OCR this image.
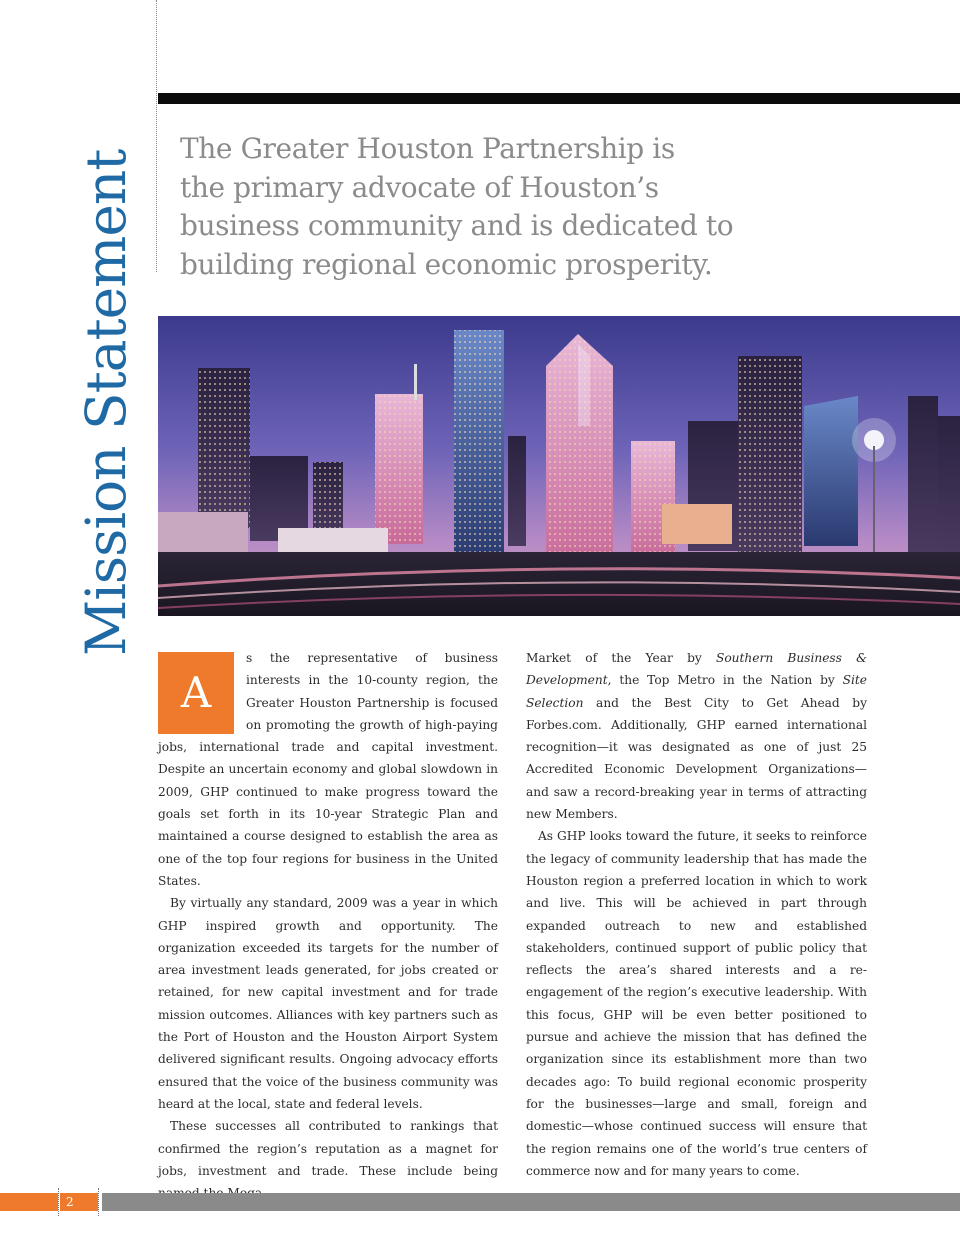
Mission Statement
The Greater Houston Partnership is
the primary advocate of Houston’s
business community and is dedicated to
building regional economic prosperity.
A

s the representative of business interests in the 10-county region, the Greater Houston Partnership is focused on promoting the growth of high-paying jobs, international trade and capital investment. Despite an uncertain economy and global slowdown in 2009, GHP continued to make progress toward the goals set forth in its 10-year Strategic Plan and maintained a course designed to establish the area as one of the top four regions for business in the United States.

By virtually any standard, 2009 was a year in which GHP inspired growth and opportunity. The organization exceeded its targets for the number of area investment leads generated, for jobs created or retained, for new capital investment and for trade mission outcomes. Alliances with key partners such as the Port of Houston and the Houston Airport System delivered significant results. Ongoing advocacy efforts ensured that the voice of the business community was heard at the local, state and federal levels.

These successes all contributed to rankings that confirmed the region’s reputation as a magnet for jobs, investment and trade. These include being

Market of the Year by Southern Business & Development, the Top Metro in the Nation by Site Selection and the Best City to Get Ahead by Forbes.com. Additionally, GHP earned international recognition—it was designated as one of just 25 Accredited Economic Development Organizations—and saw a record-breaking year in terms of attracting new Members.

As GHP looks toward the future, it seeks to reinforce the legacy of community leadership that has made the Houston region a preferred location in which to work and live. This will be achieved in part through expanded outreach to new and established stakeholders, continued support of public policy that reflects the area’s shared interests and a re-engagement of the region’s executive leadership. With this focus, GHP will be even better positioned to pursue and achieve the mission that has defined the organization since its establishment more than two decades ago: To build regional economic prosperity for the businesses—large and small, foreign and domestic—whose continued success will ensure that the region remains one of the world’s true centers of commerce now and for many years to come.

2
